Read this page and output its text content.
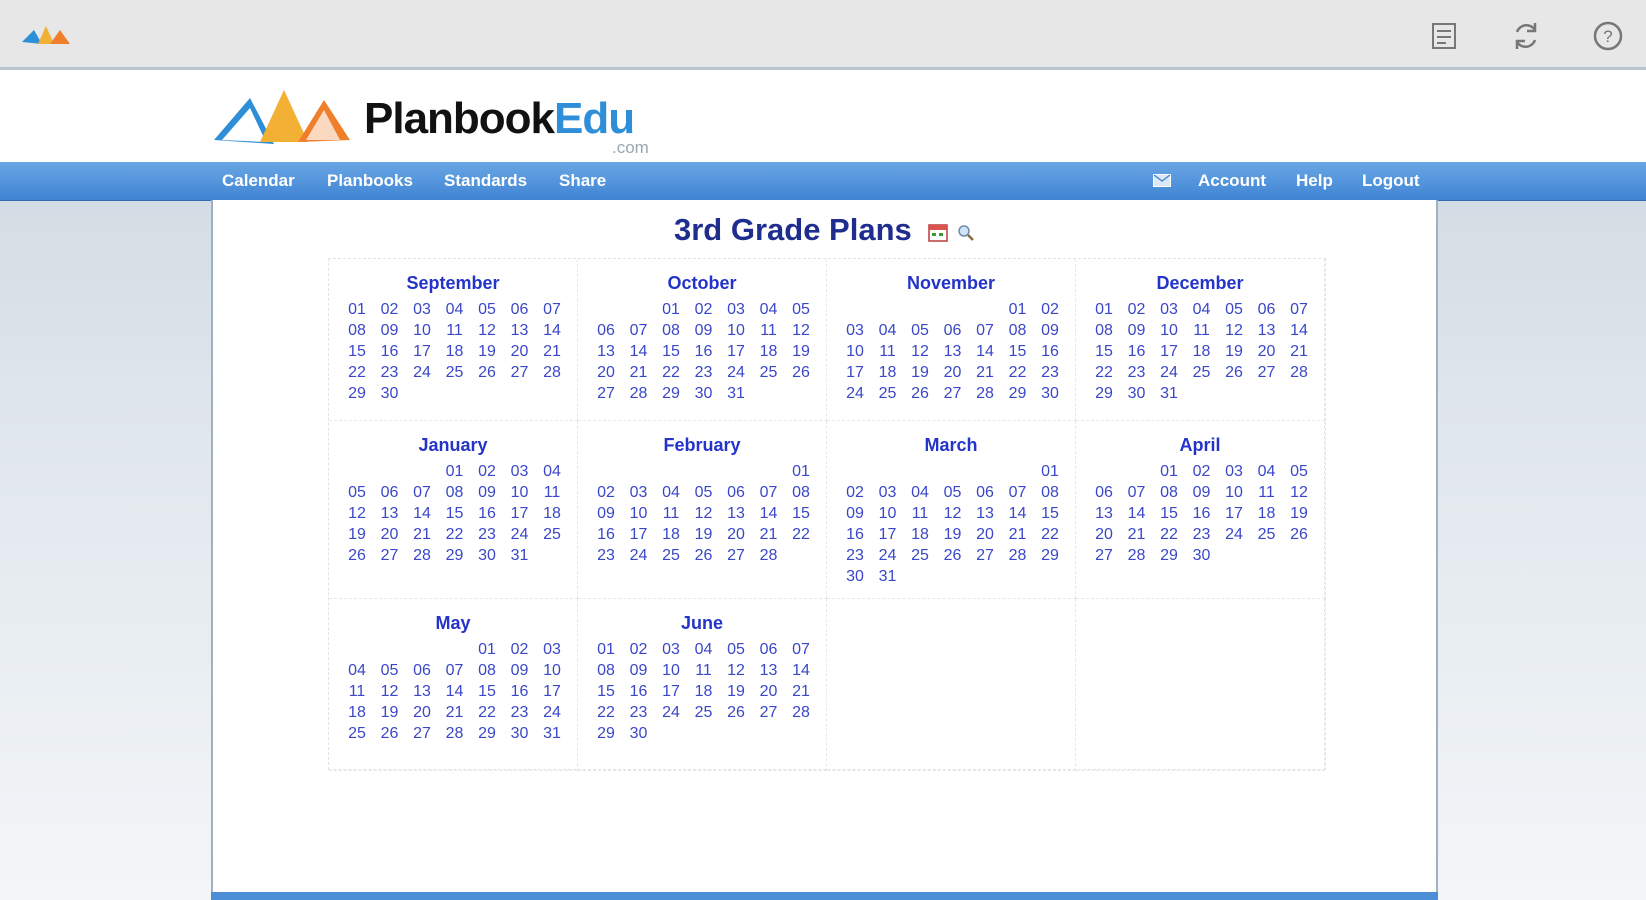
?
PlanbookEdu
.com
Calendar Planbooks Standards Share	Account Help Logout
3rd Grade Plans
September
01 02 03 04 05 06 07
08 09 10 11 12 13 14
15 16 17 18 19 20 21
22 23 24 25 26 27 28
29 30
October
01 02 03 04 05
06 07 08 09 10 11 12
13 14 15 16 17 18 19
20 21 22 23 24 25 26
27 28 29 30 31
November
01 02
03 04 05 06 07 08 09
10 11 12 13 14 15 16
17 18 19 20 21 22 23
24 25 26 27 28 29 30
December
01 02 03 04 05 06 07
08 09 10 11 12 13 14
15 16 17 18 19 20 21
22 23 24 25 26 27 28
29 30 31
January
01 02 03 04
05 06 07 08 09 10 11
12 13 14 15 16 17 18
19 20 21 22 23 24 25
26 27 28 29 30 31
February
01
02 03 04 05 06 07 08
09 10 11 12 13 14 15
16 17 18 19 20 21 22
23 24 25 26 27 28
March
01
02 03 04 05 06 07 08
09 10 11 12 13 14 15
16 17 18 19 20 21 22
23 24 25 26 27 28 29
30 31
April
01 02 03 04 05
06 07 08 09 10 11 12
13 14 15 16 17 18 19
20 21 22 23 24 25 26
27 28 29 30
May
01 02 03
04 05 06 07 08 09 10
11 12 13 14 15 16 17
18 19 20 21 22 23 24
25 26 27 28 29 30 31
June
01 02 03 04 05 06 07
08 09 10 11 12 13 14
15 16 17 18 19 20 21
22 23 24 25 26 27 28
29 30
